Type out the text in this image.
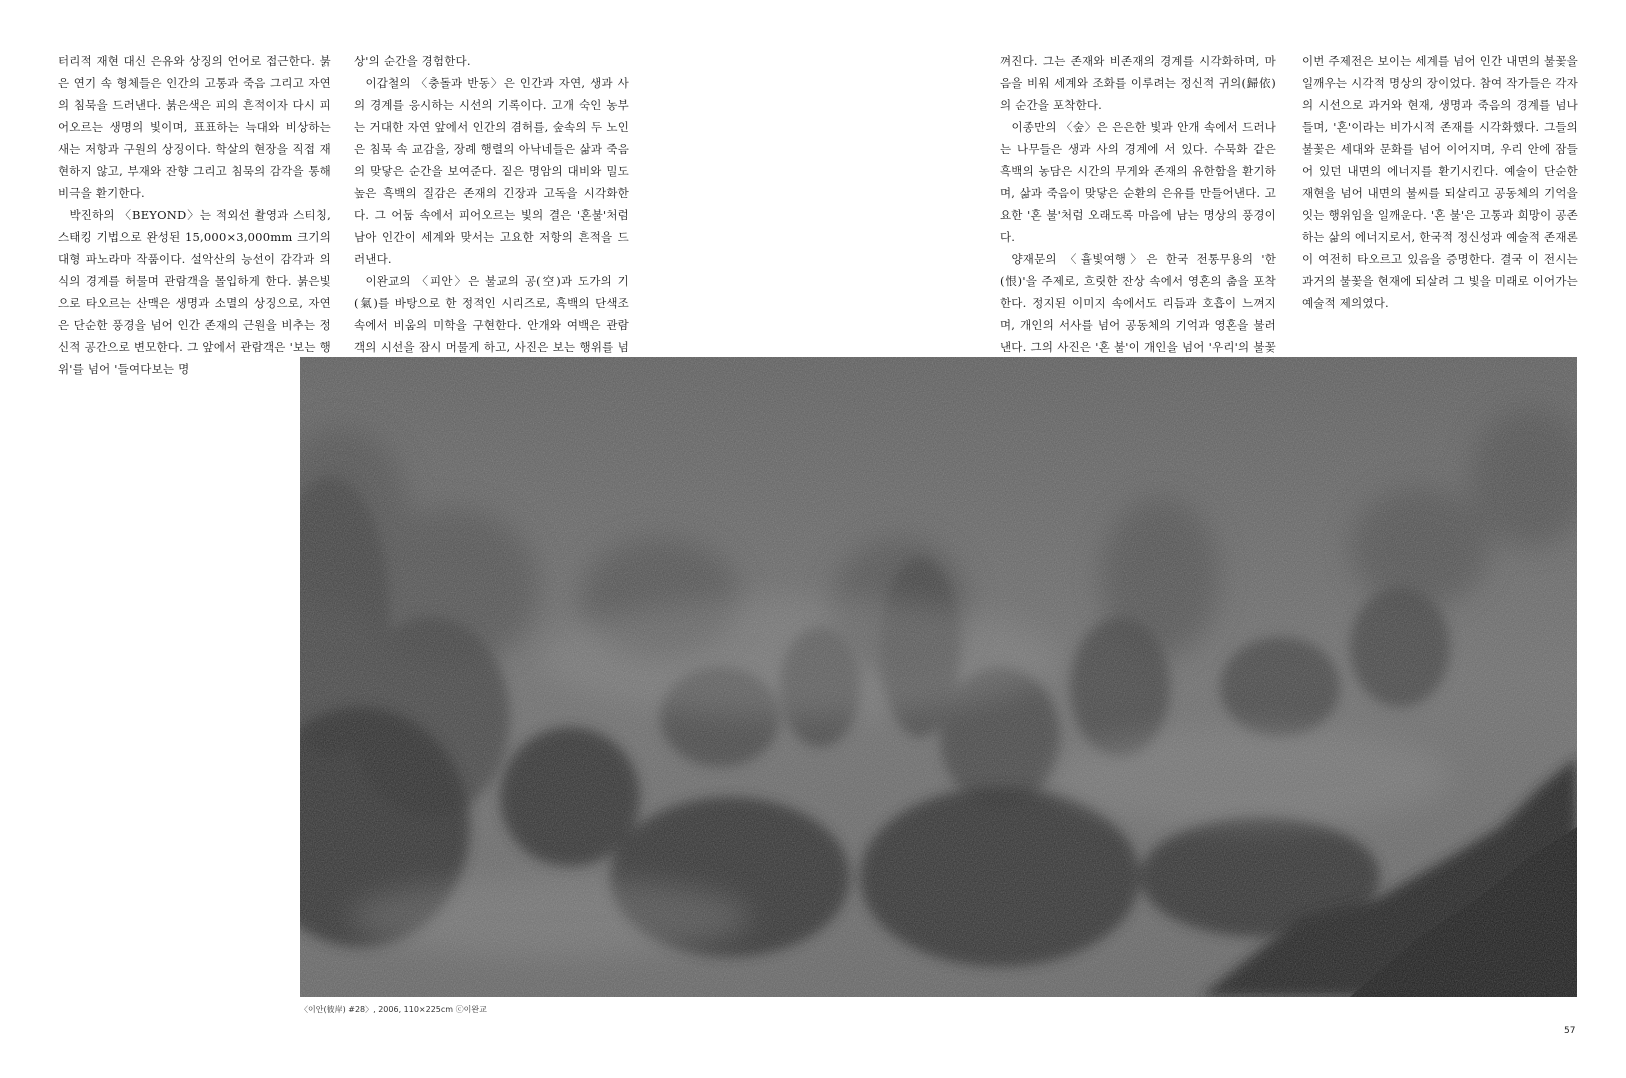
터리적 재현 대신 은유와 상징의 언어로 접근한다. 붉은 연기 속 형체들은 인간의 고통과 죽음 그리고 자연의 침묵을 드러낸다. 붉은색은 피의 흔적이자 다시 피어오르는 생명의 빛이며, 표표하는 늑대와 비상하는 새는 저항과 구원의 상징이다. 학살의 현장을 직접 재현하지 않고, 부재와 잔향 그리고 침묵의 감각을 통해 비극을 환기한다.

박진하의 〈BEYOND〉는 적외선 촬영과 스티칭, 스태킹 기법으로 완성된 15,000×3,000mm 크기의 대형 파노라마 작품이다. 설악산의 능선이 감각과 의식의 경계를 허물며 관람객을 몰입하게 한다. 붉은빛으로 타오르는 산맥은 생명과 소멸의 상징으로, 자연은 단순한 풍경을 넘어 인간 존재의 근원을 비추는 정신적 공간으로 변모한다. 그 앞에서 관람객은 '보는 행위'를 넘어 '들여다보는 명

상'의 순간을 경험한다.

이갑철의 〈충돌과 반동〉은 인간과 자연, 생과 사의 경계를 응시하는 시선의 기록이다. 고개 숙인 농부는 거대한 자연 앞에서 인간의 겸허를, 숲속의 두 노인은 침묵 속 교감을, 장례 행렬의 아낙네들은 삶과 죽음의 맞닿은 순간을 보여준다. 짙은 명암의 대비와 밀도 높은 흑백의 질감은 존재의 긴장과 고독을 시각화한다. 그 어둠 속에서 피어오르는 빛의 결은 '혼불'처럼 남아 인간이 세계와 맞서는 고요한 저항의 흔적을 드러낸다.

이완교의 〈피안〉은 불교의 공(空)과 도가의 기(氣)를 바탕으로 한 정적인 시리즈로, 흑백의 단색조 속에서 비움의 미학을 구현한다. 안개와 여백은 관람객의 시선을 잠시 머물게 하고, 사진은 보는 행위를 넘

껴진다. 그는 존재와 비존재의 경계를 시각화하며, 마음을 비워 세계와 조화를 이루려는 정신적 귀의(歸依)의 순간을 포착한다.

이종만의 〈숲〉은 은은한 빛과 안개 속에서 드러나는 나무들은 생과 사의 경계에 서 있다. 수묵화 같은 흑백의 농담은 시간의 무게와 존재의 유한함을 환기하며, 삶과 죽음이 맞닿은 순환의 은유를 만들어낸다. 고요한 '혼 불'처럼 오래도록 마음에 남는 명상의 풍경이다.

양재문의 〈휼빛여행〉은 한국 전통무용의 '한(恨)'을 주제로, 흐릿한 잔상 속에서 영혼의 춤을 포착한다. 정지된 이미지 속에서도 리듬과 호흡이 느껴지며, 개인의 서사를 넘어 공동체의 기억과 영혼을 불러낸다. 그의 사진은 '혼 불'이 개인을 넘어 '우리'의 불꽃

이번 주제전은 보이는 세계를 넘어 인간 내면의 불꽃을 일깨우는 시각적 명상의 장이었다. 참여 작가들은 각자의 시선으로 과거와 현재, 생명과 죽음의 경계를 넘나들며, '혼'이라는 비가시적 존재를 시각화했다. 그들의 불꽃은 세대와 문화를 넘어 이어지며, 우리 안에 잠들어 있던 내면의 에너지를 환기시킨다. 예술이 단순한 재현을 넘어 내면의 불씨를 되살리고 공동체의 기억을 잇는 행위임을 일깨운다. '혼 불'은 고통과 희망이 공존하는 삶의 에너지로서, 한국적 정신성과 예술적 존재론이 여전히 타오르고 있음을 증명한다. 결국 이 전시는 과거의 불꽃을 현재에 되살려 그 빛을 미래로 이어가는 예술적 제의였다.

〈이안(彼岸) #28〉, 2006, 110×225cm ⓒ이완교
57
